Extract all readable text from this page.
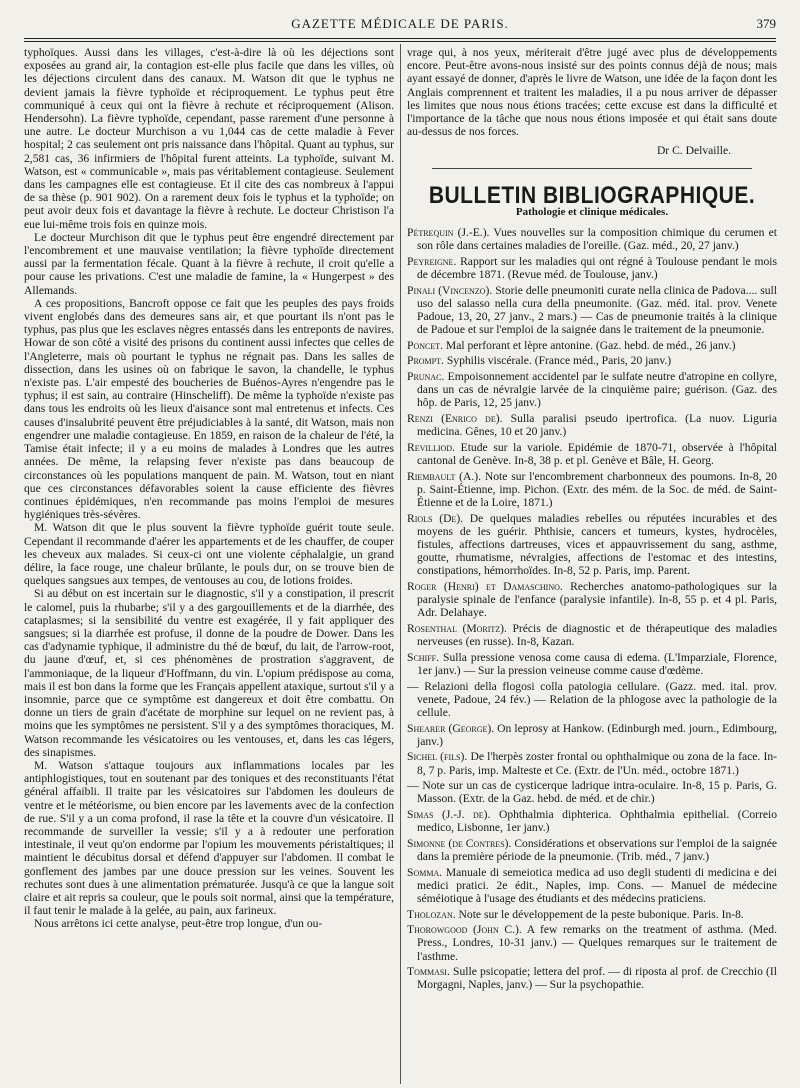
GAZETTE MÉDICALE DE PARIS.	379

typhoïques. Aussi dans les villages, c'est-à-dire là où les déjections sont exposées au grand air, la contagion est-elle plus facile que dans les villes, où les déjections circulent dans des canaux. M. Watson dit que le typhus ne devient jamais la fièvre typhoïde et réciproquement. Le typhus peut être communiqué à ceux qui ont la fièvre à rechute et réciproquement (Alison. Hendersohn). La fièvre typhoïde, cependant, passe rarement d'une personne à une autre. Le docteur Murchison a vu 1,044 cas de cette maladie à Fever hospital; 2 cas seulement ont pris naissance dans l'hôpital. Quant au typhus, sur 2,581 cas, 36 infirmiers de l'hôpital furent atteints. La typhoïde, suivant M. Watson, est « communicable », mais pas véritablement contagieuse. Seulement dans les campagnes elle est contagieuse. Et il cite des cas nombreux à l'appui de sa thèse (p. 901 902). On a rarement deux fois le typhus et la typhoïde; on peut avoir deux fois et davantage la fièvre à rechute. Le docteur Christison l'a eue lui-même trois fois en quinze mois.

Le docteur Murchison dit que le typhus peut être engendré directement par l'encombrement et une mauvaise ventilation; la fièvre typhoïde directement aussi par la fermentation fécale. Quant à la fièvre à rechute, il croit qu'elle a pour cause les privations. C'est une maladie de famine, la « Hungerpest » des Allemands.

A ces propositions, Bancroft oppose ce fait que les peuples des pays froids vivent englobés dans des demeures sans air, et que pourtant ils n'ont pas le typhus, pas plus que les esclaves nègres entassés dans les entreponts de navires. Howar de son côté a visité des prisons du continent aussi infectes que celles de l'Angleterre, mais où pourtant le typhus ne régnait pas. Dans les salles de dissection, dans les usines où on fabrique le savon, la chandelle, le typhus n'existe pas. L'air empesté des boucheries de Buénos-Ayres n'engendre pas le typhus; il est sain, au contraire (Hinscheliff). De même la typhoïde n'existe pas dans tous les endroits où les lieux d'aisance sont mal entretenus et infects. Ces causes d'insalubrité peuvent être préjudiciables à la santé, dit Watson, mais non engendrer une maladie contagieuse. En 1859, en raison de la chaleur de l'été, la Tamise était infecte; il y a eu moins de malades à Londres que les autres années. De même, la relapsing fever n'existe pas dans beaucoup de circonstances où les populations manquent de pain. M. Watson, tout en niant que ces circonstances défavorables soient la cause efficiente des fièvres continues épidémiques, n'en recommande pas moins l'emploi de mesures hygiéniques très-sévères.

M. Watson dit que le plus souvent la fièvre typhoïde guérit toute seule. Cependant il recommande d'aérer les appartements et de les chauffer, de couper les cheveux aux malades. Si ceux-ci ont une violente céphalalgie, un grand délire, la face rouge, une chaleur brûlante, le pouls dur, on se trouve bien de quelques sangsues aux tempes, de ventouses au cou, de lotions froides.

Si au début on est incertain sur le diagnostic, s'il y a constipation, il prescrit le calomel, puis la rhubarbe; s'il y a des gargouillements et de la diarrhée, des cataplasmes; si la sensibilité du ventre est exagérée, il y fait appliquer des sangsues; si la diarrhée est profuse, il donne de la poudre de Dower. Dans les cas d'adynamie typhique, il administre du thé de bœuf, du lait, de l'arrow-root, du jaune d'œuf, et, si ces phénomènes de prostration s'aggravent, de l'ammoniaque, de la liqueur d'Hoffmann, du vin. L'opium prédispose au coma, mais il est bon dans la forme que les Français appellent ataxique, surtout s'il y a insomnie, parce que ce symptôme est dangereux et doit être combattu. On donne un tiers de grain d'acétate de morphine sur lequel on ne revient pas, à moins que les symptômes ne persistent. S'il y a des symptômes thoraciques, M. Watson recommande les vésicatoires ou les ventouses, et, dans les cas légers, des sinapismes.

M. Watson s'attaque toujours aux inflammations locales par les antiphlogistiques, tout en soutenant par des toniques et des reconstituants l'état général affaibli. Il traite par les vésicatoires sur l'abdomen les douleurs de ventre et le météorisme, ou bien encore par les lavements avec de la confection de rue. S'il y a un coma profond, il rase la tête et la couvre d'un vésicatoire. Il recommande de surveiller la vessie; s'il y a à redouter une perforation intestinale, il veut qu'on endorme par l'opium les mouvements péristaltiques; il maintient le décubitus dorsal et défend d'appuyer sur l'abdomen. Il combat le gonflement des jambes par une douce pression sur les veines. Souvent les rechutes sont dues à une alimentation prématurée. Jusqu'à ce que la langue soit claire et ait repris sa couleur, que le pouls soit normal, ainsi que la température, il faut tenir le malade à la gelée, au pain, aux farineux.

Nous arrêtons ici cette analyse, peut-être trop longue, d'un ou-

vrage qui, à nos yeux, mériterait d'être jugé avec plus de développements encore. Peut-être avons-nous insisté sur des points connus déjà de nous; mais ayant essayé de donner, d'après le livre de Watson, une idée de la façon dont les Anglais comprennent et traitent les maladies, il a pu nous arriver de dépasser les limites que nous nous étions tracées; cette excuse est dans la difficulté et l'importance de la tâche que nous nous étions imposée et qui était sans doute au-dessus de nos forces.

Dr C. Delvaille.

BULLETIN BIBLIOGRAPHIQUE.
Pathologie et clinique médicales.

Pétrequin (J.-E.). Vues nouvelles sur la composition chimique du cerumen et son rôle dans certaines maladies de l'oreille. (Gaz. méd., 20, 27 janv.)

Peyreigne. Rapport sur les maladies qui ont régné à Toulouse pendant le mois de décembre 1871. (Revue méd. de Toulouse, janv.)

Pinali (Vincenzo). Storie delle pneumoniti curate nella clinica de Padova.... sull uso del salasso nella cura della pneumonite. (Gaz. méd. ital. prov. Venete Padoue, 13, 20, 27 janv., 2 mars.) — Cas de pneumonie traités à la clinique de Padoue et sur l'emploi de la saignée dans le traitement de la pneumonie.

Poncet. Mal perforant et lèpre antonine. (Gaz. hebd. de méd., 26 janv.)

Prompt. Syphilis viscérale. (France méd., Paris, 20 janv.)

Prunac. Empoisonnement accidentel par le sulfate neutre d'atropine en collyre, dans un cas de névralgie larvée de la cinquième paire; guérison. (Gaz. des hôp. de Paris, 12, 25 janv.)

Renzi (Enrico de). Sulla paralisi pseudo ipertrofica. (La nuov. Liguria medicina. Gênes, 10 et 20 janv.)

Revilliod. Etude sur la variole. Epidémie de 1870-71, observée à l'hôpital cantonal de Genève. In-8, 38 p. et pl. Genève et Bâle, H. Georg.

Riembault (A.). Note sur l'encombrement charbonneux des poumons. In-8, 20 p. Saint-Étienne, imp. Pichon. (Extr. des mém. de la Soc. de méd. de Saint-Étienne et de la Loire, 1871.)

Riols (De). De quelques maladies rebelles ou réputées incurables et des moyens de les guérir. Phthisie, cancers et tumeurs, kystes, hydrocèles, fistules, affections dartreuses, vices et appauvrissement du sang, asthme, goutte, rhumatisme, névralgies, affections de l'estomac et des intestins, constipations, hémorrhoïdes. In-8, 52 p. Paris, imp. Parent.

Roger (Henri) et Damaschino. Recherches anatomo-pathologiques sur la paralysie spinale de l'enfance (paralysie infantile). In-8, 55 p. et 4 pl. Paris, Adr. Delahaye.

Rosenthal (Moritz). Précis de diagnostic et de thérapeutique des maladies nerveuses (en russe). In-8, Kazan.

Schiff. Sulla pressione venosa come causa di edema. (L'Imparziale, Florence, 1er janv.) — Sur la pression veineuse comme cause d'œdème.

— Relazioni della flogosi colla patologia cellulare. (Gazz. med. ital. prov. venete, Padoue, 24 fév.) — Relation de la phlogose avec la pathologie de la cellule.

Shearer (George). On leprosy at Hankow. (Edinburgh med. journ., Edimbourg, janv.)

Sichel (fils). De l'herpès zoster frontal ou ophthalmique ou zona de la face. In-8, 7 p. Paris, imp. Malteste et Ce. (Extr. de l'Un. méd., octobre 1871.)

— Note sur un cas de cysticerque ladrique intra-oculaire. In-8, 15 p. Paris, G. Masson. (Extr. de la Gaz. hebd. de méd. et de chir.)

Simas (J.-J. de). Ophthalmia diphterica. Ophthalmia epithelial. (Correio medico, Lisbonne, 1er janv.)

Simonne (de Contres). Considérations et observations sur l'emploi de la saignée dans la première période de la pneumonie. (Trib. méd., 7 janv.)

Somma. Manuale di semeiotica medica ad uso degli studenti di medicina e dei medici pratici. 2e édit., Naples, imp. Cons. — Manuel de médecine séméiotique à l'usage des étudiants et des médecins praticiens.

Tholozan. Note sur le développement de la peste bubonique. Paris. In-8.

Thorowgood (John C.). A few remarks on the treatment of asthma. (Med. Press., Londres, 10-31 janv.) — Quelques remarques sur le traitement de l'asthme.

Tommasi. Sulle psicopatie; lettera del prof. — di riposta al prof. de Crecchio (Il Morgagni, Naples, janv.) — Sur la psychopathie.
